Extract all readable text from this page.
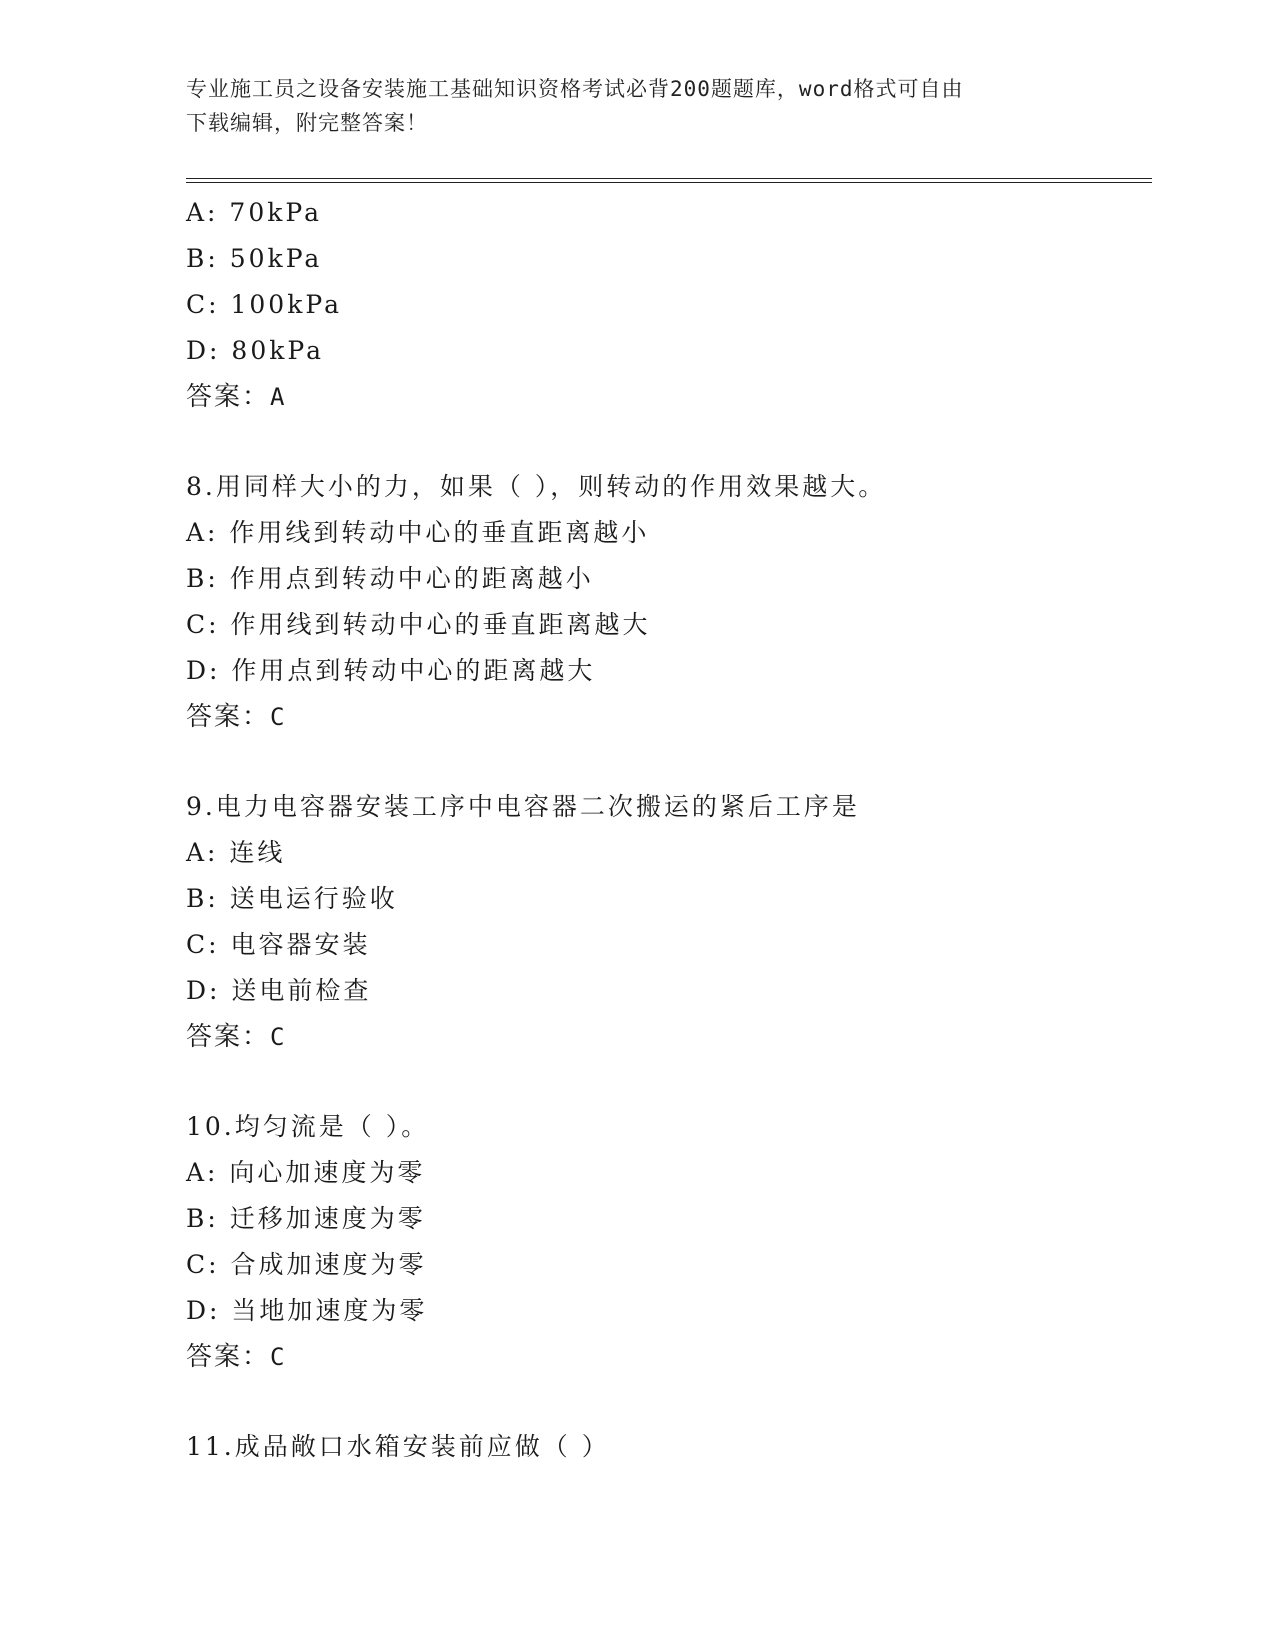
专业施工员之设备安装施工基础知识资格考试必背200题题库，word格式可自由
下载编辑，附完整答案！
A: 70kPa
B: 50kPa
C: 100kPa
D: 80kPa
答案：A
8.用同样大小的力，如果（ ），则转动的作用效果越大。
A: 作用线到转动中心的垂直距离越小
B: 作用点到转动中心的距离越小
C: 作用线到转动中心的垂直距离越大
D: 作用点到转动中心的距离越大
答案：C
9.电力电容器安装工序中电容器二次搬运的紧后工序是
A: 连线
B: 送电运行验收
C: 电容器安装
D: 送电前检查
答案：C
10.均匀流是（ ）。
A: 向心加速度为零
B: 迁移加速度为零
C: 合成加速度为零
D: 当地加速度为零
答案：C
11.成品敞口水箱安装前应做（ ）
